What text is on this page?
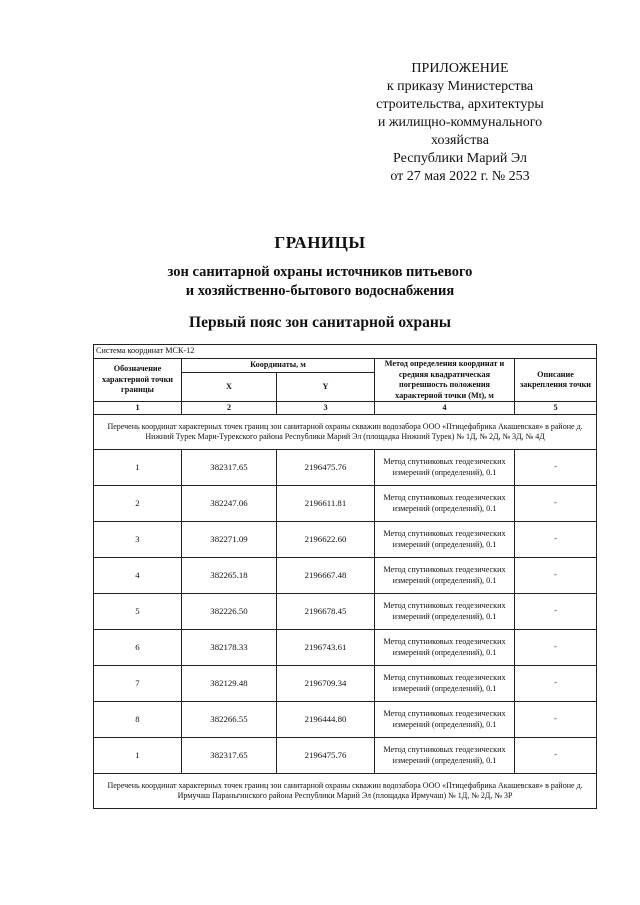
ПРИЛОЖЕНИЕ
к приказу Министерства
строительства, архитектуры
и жилищно-коммунального
хозяйства
Республики Марий Эл
от 27 мая 2022 г. № 253
ГРАНИЦЫ
зон санитарной охраны источников питьевого
и хозяйственно-бытового водоснабжения
Первый пояс зон санитарной охраны
Система координат МСК-12				
Обозначение характерной точки границы	Координаты, м		Метод определения координат и средняя квадратическая погрешность положения характерной точки (Mt), м	Описание закрепления точки
	X	Y		
1	2	3	4	5
Перечень координат характерных точек границ зон санитарной охраны скважин водозабора ООО «Птицефабрика Акашевская» в районе д. Нижний Турек Мари-Турекского района Республики Марий Эл (площадка Нижний Турек) № 1Д, № 2Д, № 3Д, № 4Д				
1	382317.65	2196475.76	Метод спутниковых геодезических измерений (определений), 0.1	-
2	382247.06	2196611.81	Метод спутниковых геодезических измерений (определений), 0.1	-
3	382271.09	2196622.60	Метод спутниковых геодезических измерений (определений), 0.1	-
4	382265.18	2196667.48	Метод спутниковых геодезических измерений (определений), 0.1	-
5	382226.50	2196678.45	Метод спутниковых геодезических измерений (определений), 0.1	-
6	382178.33	2196743.61	Метод спутниковых геодезических измерений (определений), 0.1	-
7	382129.48	2196709.34	Метод спутниковых геодезических измерений (определений), 0.1	-
8	382266.55	2196444.80	Метод спутниковых геодезических измерений (определений), 0.1	-
1	382317.65	2196475.76	Метод спутниковых геодезических измерений (определений), 0.1	-
Перечень координат характерных точек границ зон санитарной охраны скважин водозабора ООО «Птицефабрика Акашевская» в районе д. Ирмучаш Параньгинского района Республики Марий Эл (площадка Ирмучаш) № 1Д, № 2Д, № 3Р				
